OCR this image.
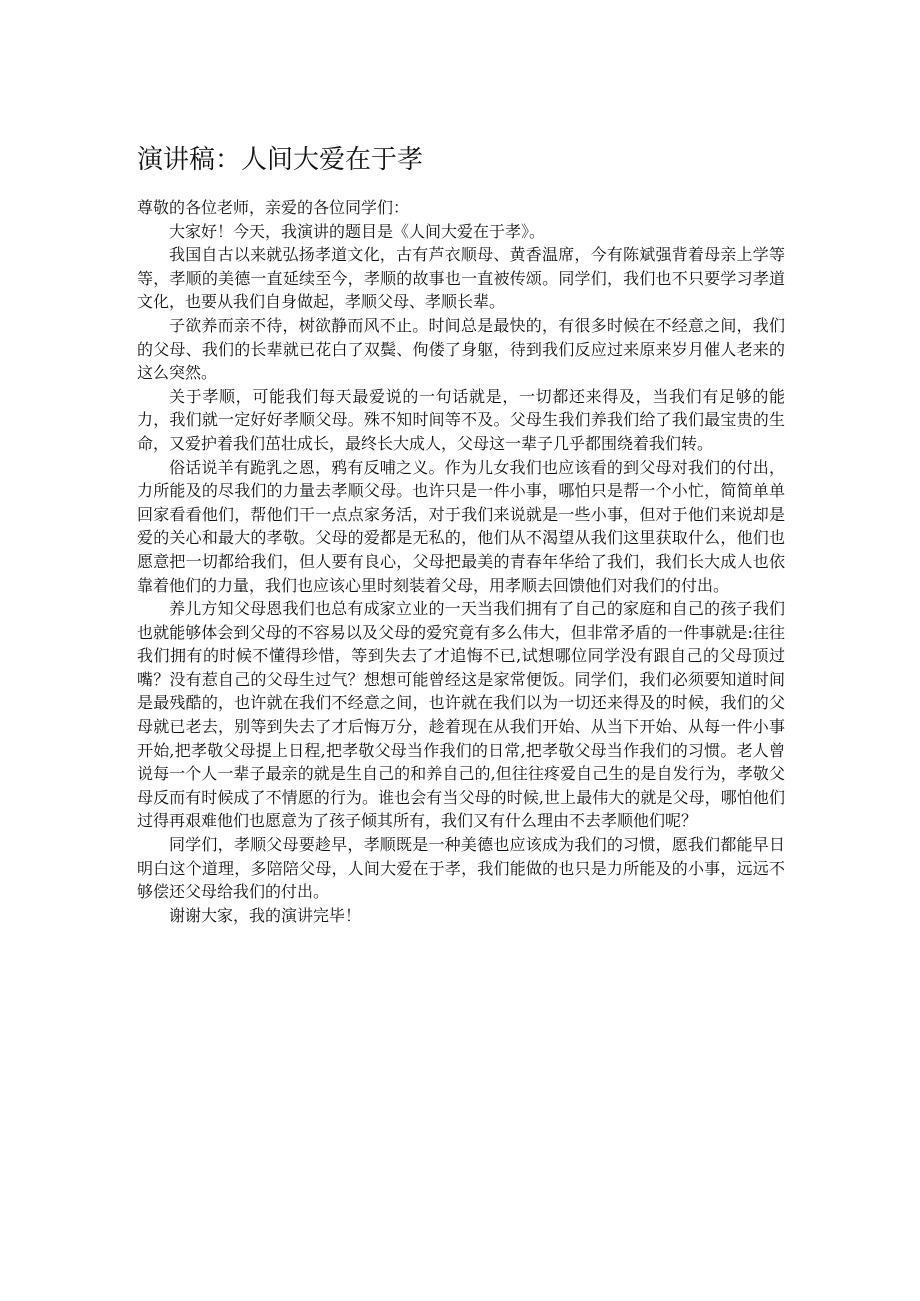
演讲稿：人间大爱在于孝

尊敬的各位老师，亲爱的各位同学们：

大家好！今天，我演讲的题目是《人间大爱在于孝》。

我国自古以来就弘扬孝道文化，古有芦衣顺母、黄香温席，今有陈斌强背着母亲上学等等，孝顺的美德一直延续至今，孝顺的故事也一直被传颂。同学们，我们也不只要学习孝道文化，也要从我们自身做起，孝顺父母、孝顺长辈。

子欲养而亲不待，树欲静而风不止。时间总是最快的，有很多时候在不经意之间，我们的父母、我们的长辈就已花白了双鬓、佝偻了身躯，待到我们反应过来原来岁月催人老来的这么突然。

关于孝顺，可能我们每天最爱说的一句话就是，一切都还来得及，当我们有足够的能力，我们就一定好好孝顺父母。殊不知时间等不及。父母生我们养我们给了我们最宝贵的生命，又爱护着我们茁壮成长，最终长大成人，父母这一辈子几乎都围绕着我们转。

俗话说羊有跪乳之恩，鸦有反哺之义。作为儿女我们也应该看的到父母对我们的付出，力所能及的尽我们的力量去孝顺父母。也许只是一件小事，哪怕只是帮一个小忙，简简单单回家看看他们，帮他们干一点点家务活，对于我们来说就是一些小事，但对于他们来说却是爱的关心和最大的孝敬。父母的爱都是无私的，他们从不渴望从我们这里获取什么，他们也愿意把一切都给我们，但人要有良心，父母把最美的青春年华给了我们，我们长大成人也依靠着他们的力量，我们也应该心里时刻装着父母，用孝顺去回馈他们对我们的付出。

养儿方知父母恩我们也总有成家立业的一天当我们拥有了自己的家庭和自己的孩子我们也就能够体会到父母的不容易以及父母的爱究竟有多么伟大，但非常矛盾的一件事就是:往往我们拥有的时候不懂得珍惜，等到失去了才追悔不已,试想哪位同学没有跟自己的父母顶过嘴？没有惹自己的父母生过气？想想可能曾经这是家常便饭。同学们，我们必须要知道时间是最残酷的，也许就在我们不经意之间，也许就在我们以为一切还来得及的时候，我们的父母就已老去，别等到失去了才后悔万分，趁着现在从我们开始、从当下开始、从每一件小事开始,把孝敬父母提上日程,把孝敬父母当作我们的日常,把孝敬父母当作我们的习惯。老人曾说每一个人一辈子最亲的就是生自己的和养自己的,但往往疼爱自己生的是自发行为，孝敬父母反而有时候成了不情愿的行为。谁也会有当父母的时候,世上最伟大的就是父母，哪怕他们过得再艰难他们也愿意为了孩子倾其所有，我们又有什么理由不去孝顺他们呢？

同学们，孝顺父母要趁早，孝顺既是一种美德也应该成为我们的习惯，愿我们都能早日明白这个道理，多陪陪父母，人间大爱在于孝，我们能做的也只是力所能及的小事，远远不够偿还父母给我们的付出。

谢谢大家，我的演讲完毕！
